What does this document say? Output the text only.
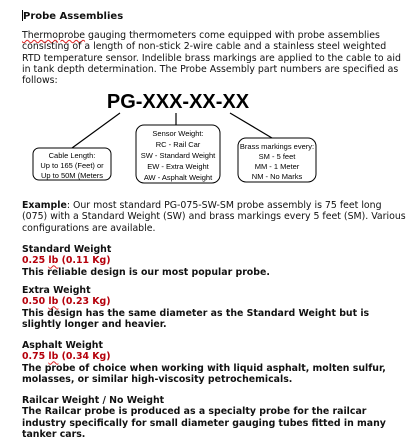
Probe Assemblies
Thermoprobe gauging thermometers come equipped with probe assemblies consisting of a length of non-stick 2-wire cable and a stainless steel weighted RTD temperature sensor. Indelible brass markings are applied to the cable to aid in tank depth determination. The Probe Assembly part numbers are specified as follows:
PG-XXX-XX-XX
Cable Length:
Up to 165 (Feet) or
Up to 50M (Meters
Sensor Weight:
RC - Rail Car
SW - Standard Weight
EW - Extra Weight
AW - Asphalt Weight
Brass markings every:
SM - 5 feet
MM - 1 Meter
NM - No Marks
Example: Our most standard PG-075-SW-SM probe assembly is 75 feet long (075) with a Standard Weight (SW) and brass markings every 5 feet (SM). Various configurations are available.
Standard Weight
0.25 lb (0.11 Kg)
This reliable design is our most popular probe.
Extra Weight
0.50 lb (0.23 Kg)
This design has the same diameter as the Standard Weight but is slightly longer and heavier.
Asphalt Weight
0.75 lb (0.34 Kg)
The probe of choice when working with liquid asphalt, molten sulfur, molasses, or similar high-viscosity petrochemicals.
Railcar Weight / No Weight
The Railcar probe is produced as a specialty probe for the railcar industry specifically for small diameter gauging tubes fitted in many tanker cars.
